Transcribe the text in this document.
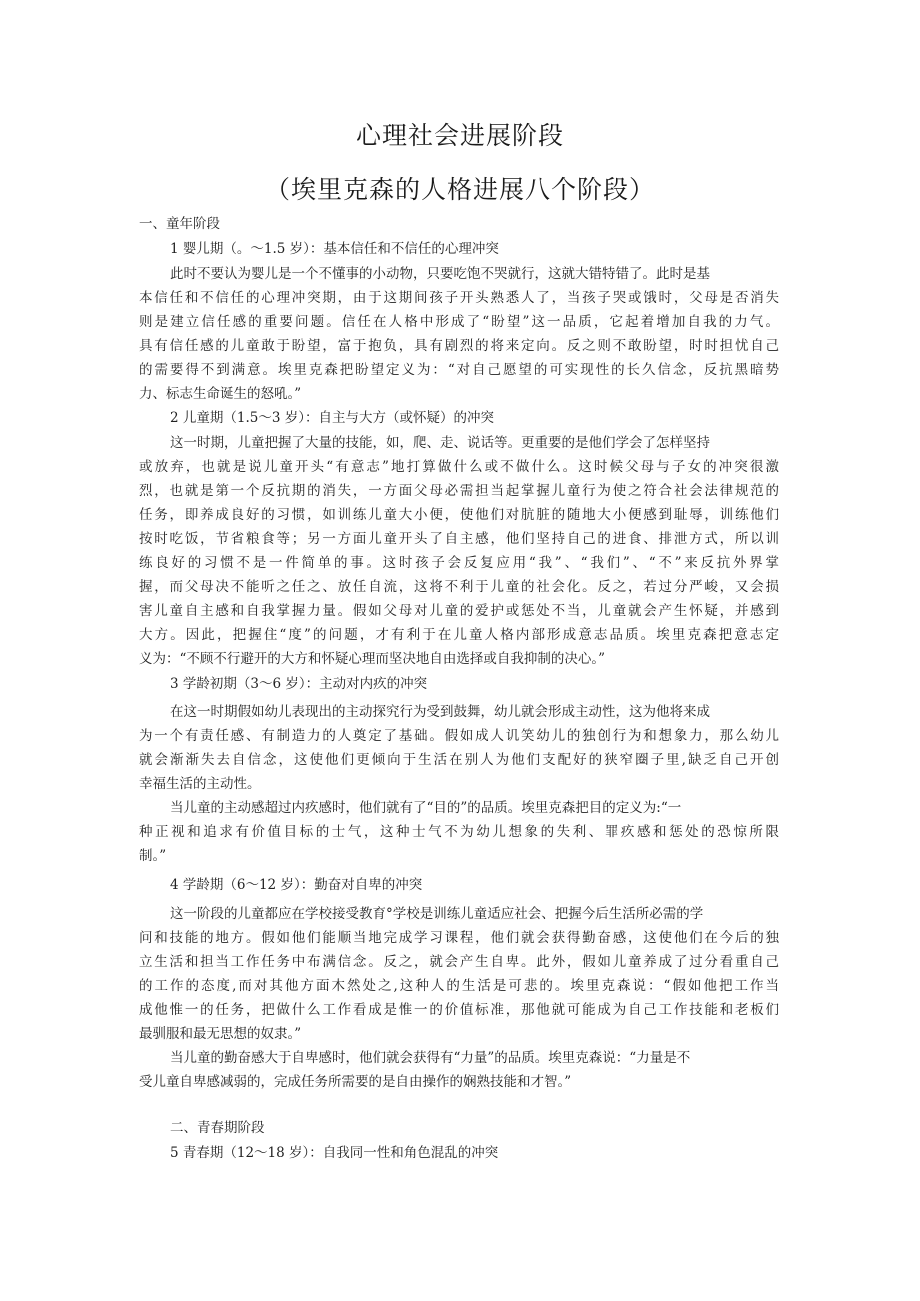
心理社会进展阶段
（埃里克森的人格进展八个阶段）
一、童年阶段
1 婴儿期（。～1.5 岁）：基本信任和不信任的心理冲突
此时不要认为婴儿是一个不懂事的小动物，只要吃饱不哭就行，这就大错特错了。此时是基
本信任和不信任的心理冲突期，由于这期间孩子开头熟悉人了，当孩子哭或饿时，父母是否消失
则是建立信任感的重要问题。信任在人格中形成了“盼望”这一品质，它起着增加自我的力气。
具有信任感的儿童敢于盼望，富于抱负，具有剧烈的将来定向。反之则不敢盼望，时时担忧自己
的需要得不到满意。埃里克森把盼望定义为：“对自己愿望的可实现性的长久信念，反抗黑暗势
力、标志生命诞生的怒吼。”
2 儿童期（1.5～3 岁）：自主与大方（或怀疑）的冲突
这一时期，儿童把握了大量的技能，如，爬、走、说话等。更重要的是他们学会了怎样坚持
或放弃，也就是说儿童开头“有意志”地打算做什么或不做什么。这时候父母与子女的冲突很激
烈，也就是第一个反抗期的消失，一方面父母必需担当起掌握儿童行为使之符合社会法律规范的
任务，即养成良好的习惯，如训练儿童大小便，使他们对肮脏的随地大小便感到耻辱，训练他们
按时吃饭，节省粮食等；另一方面儿童开头了自主感，他们坚持自己的进食、排泄方式，所以训
练良好的习惯不是一件简单的事。这时孩子会反复应用“我”、“我们”、“不”来反抗外界掌
握，而父母决不能听之任之、放任自流，这将不利于儿童的社会化。反之，若过分严峻，又会损
害儿童自主感和自我掌握力量。假如父母对儿童的爱护或惩处不当，儿童就会产生怀疑，并感到
大方。因此，把握住“度”的问题，才有利于在儿童人格内部形成意志品质。埃里克森把意志定
义为：“不顾不行避开的大方和怀疑心理而坚决地自由选择或自我抑制的决心。”
3 学龄初期（3～6 岁）：主动对内疚的冲突
在这一时期假如幼儿表现出的主动探究行为受到鼓舞，幼儿就会形成主动性，这为他将来成
为一个有责任感、有制造力的人奠定了基础。假如成人讥笑幼儿的独创行为和想象力，那么幼儿
就会渐渐失去自信念，这使他们更倾向于生活在别人为他们支配好的狭窄圈子里,缺乏自己开创
幸福生活的主动性。
当儿童的主动感超过内疚感时，他们就有了“目的”的品质。埃里克森把目的定义为:“一
种正视和追求有价值目标的士气，这种士气不为幼儿想象的失利、罪疚感和惩处的恐惊所限
制。”
4 学龄期（6～12 岁）：勤奋对自卑的冲突
这一阶段的儿童都应在学校接受教育°学校是训练儿童适应社会、把握今后生活所必需的学
问和技能的地方。假如他们能顺当地完成学习课程，他们就会获得勤奋感，这使他们在今后的独
立生活和担当工作任务中布满信念。反之，就会产生自卑。此外，假如儿童养成了过分看重自己
的工作的态度,而对其他方面木然处之,这种人的生活是可悲的。埃里克森说：“假如他把工作当
成他惟一的任务，把做什么工作看成是惟一的价值标准，那他就可能成为自己工作技能和老板们
最驯服和最无思想的奴隶。”
当儿童的勤奋感大于自卑感时，他们就会获得有“力量”的品质。埃里克森说：“力量是不
受儿童自卑感减弱的，完成任务所需要的是自由操作的娴熟技能和才智。”
二、青春期阶段
5 青春期（12～18 岁）：自我同一性和角色混乱的冲突
